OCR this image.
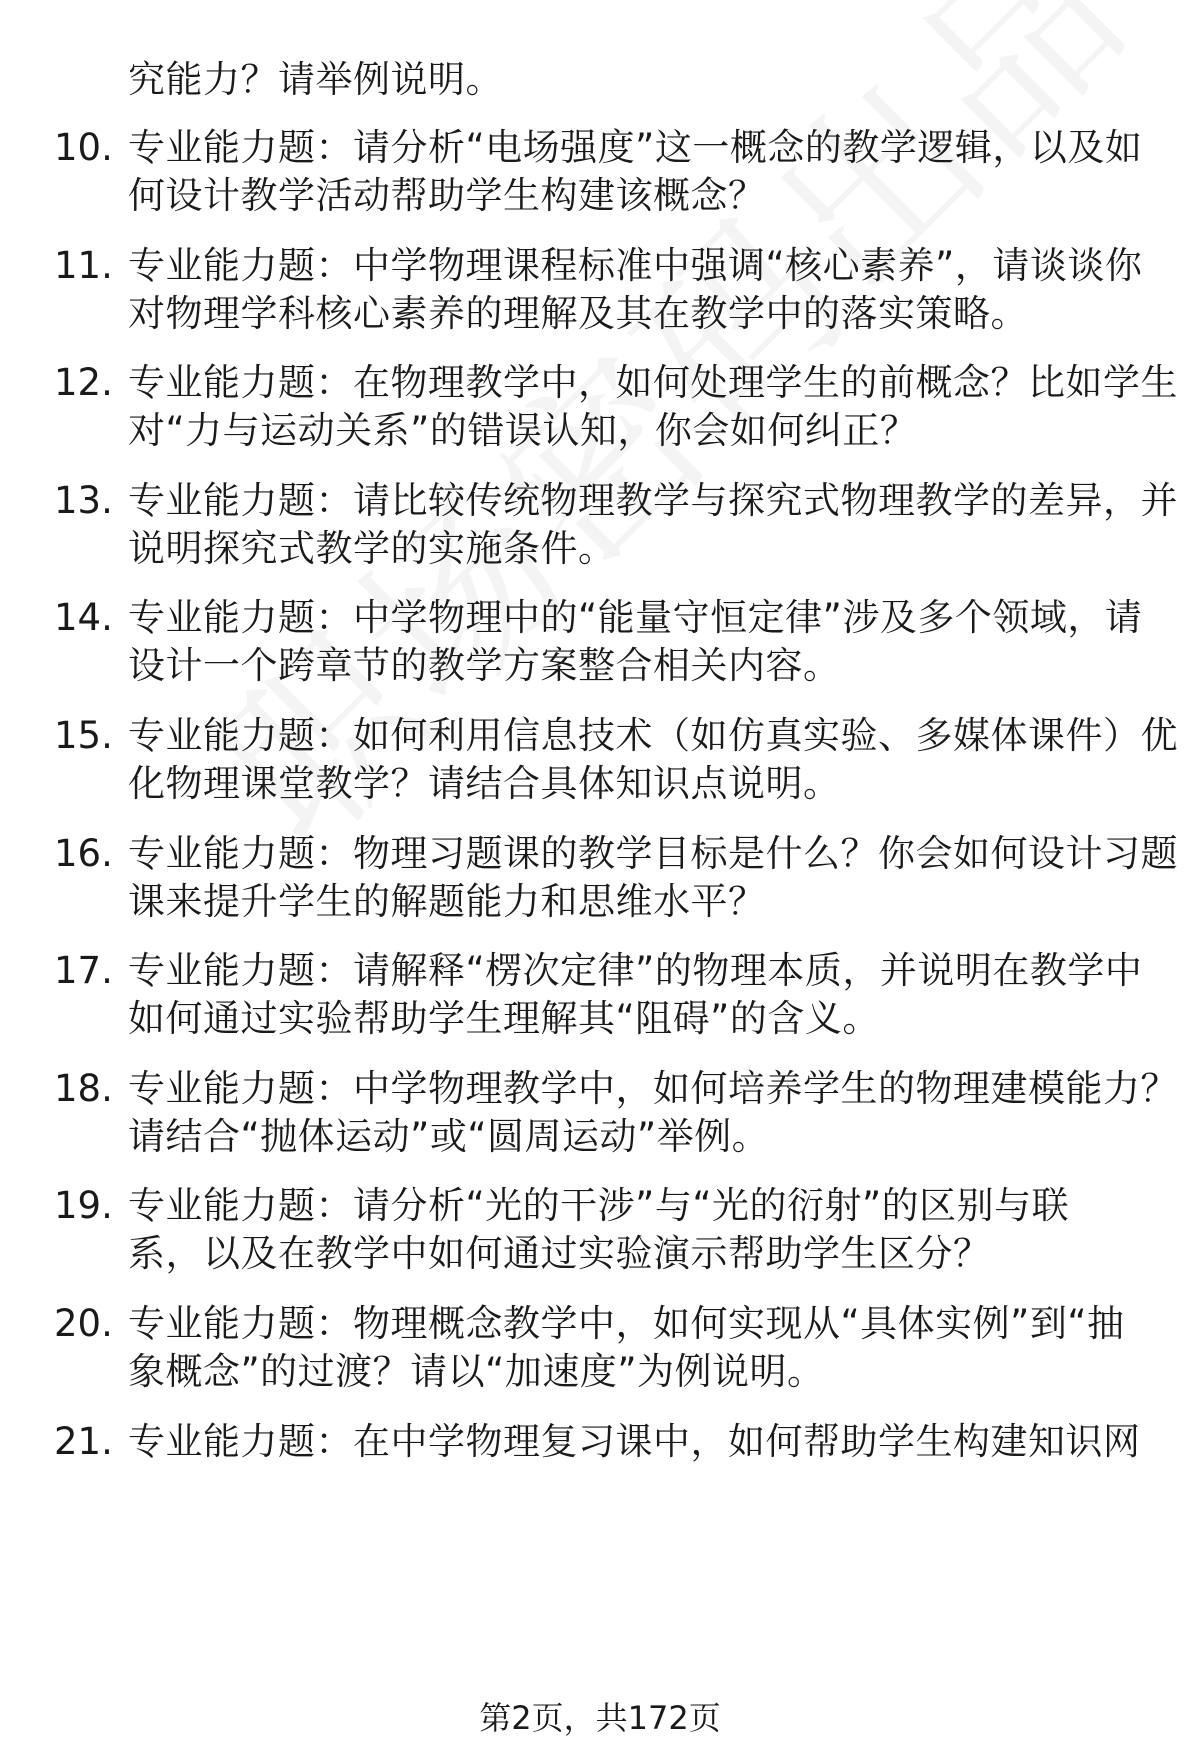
究能力？请举例说明。
10. 专业能力题：请分析“电场强度”这一概念的教学逻辑，以及如
何设计教学活动帮助学生构建该概念？
11. 专业能力题：中学物理课程标准中强调“核心素养”，请谈谈你
对物理学科核心素养的理解及其在教学中的落实策略。
12. 专业能力题：在物理教学中，如何处理学生的前概念？比如学生
对“力与运动关系”的错误认知，你会如何纠正？
13. 专业能力题：请比较传统物理教学与探究式物理教学的差异，并
说明探究式教学的实施条件。
14. 专业能力题：中学物理中的“能量守恒定律”涉及多个领域，请
设计一个跨章节的教学方案整合相关内容。
15. 专业能力题：如何利用信息技术（如仿真实验、多媒体课件）优
化物理课堂教学？请结合具体知识点说明。
16. 专业能力题：物理习题课的教学目标是什么？你会如何设计习题
课来提升学生的解题能力和思维水平？
17. 专业能力题：请解释“楞次定律”的物理本质，并说明在教学中
如何通过实验帮助学生理解其“阻碍”的含义。
18. 专业能力题：中学物理教学中，如何培养学生的物理建模能力？
请结合“抛体运动”或“圆周运动”举例。
19. 专业能力题：请分析“光的干涉”与“光的衍射”的区别与联
系，以及在教学中如何通过实验演示帮助学生区分？
20. 专业能力题：物理概念教学中，如何实现从“具体实例”到“抽
象概念”的过渡？请以“加速度”为例说明。
21. 专业能力题：在中学物理复习课中，如何帮助学生构建知识网
第2页，共172页
